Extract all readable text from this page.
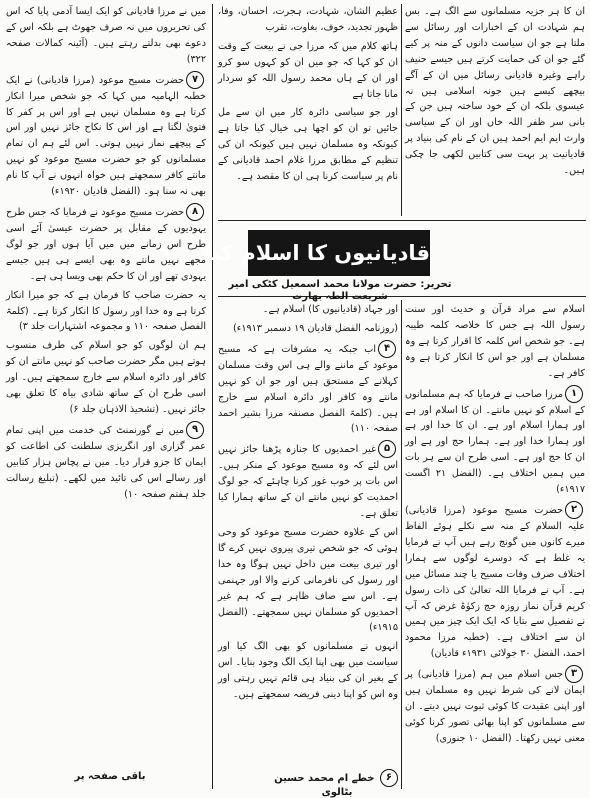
ان کا ہر جزیہ مسلمانوں سے الگ ہے۔ بس ہم شہادت ان کے اخبارات اور رسائل سے ملتا ہے جو ان سیاست دانوں کے منہ پر کیے گئے جو ان کی حمایت کرتے ہیں جیسے حنیف راہے وغیرہ قادیانی رسائل میں ان کے آگے بیچھے کیسے ہیں جونہ اسلامی ہیں نہ عیسوی بلکہ ان کے خود ساختہ ہیں جن کے بانی سر ظفر اللہ خاں اور ان کے سیاسی وارث ایم ایم احمد ہیں ان کے نام کی بنیاد پر قادیانیت پر بہت سی کتابیں لکھی جا چکی ہیں۔

عظیم الشان، شہادت، ہجرت، احسان، وفا، ظہور تجدید، خوف، بغاوت، تقرب

ہاتھ کلام میں کہ مرزا جی نے بیعت کے وقت ان کو کہا کہ جو میں ان کو کہوں سو کرو اور ان کے ہاں محمد رسول اللہ کو سردار مانا جاتا ہے

اور جو سیاسی دائرہ کار میں ان سے مل جائیں تو ان کو اچھا ہی خیال کیا جاتا ہے کیونکہ وہ مسلمان نہیں ہیں کیونکہ ان کی تنظیم کے مطابق مرزا غلام احمد قادیانی کے نام پر سیاست کرنا ہی ان کا مقصد ہے۔

قادیانیوں کا اسلام کیا ہے؟
تحریر: حضرت مولانا محمد اسمعیل کٹکی امیر شریعت الطہ بھارت

میں نے مرزا قادیانی کو ایک ایسا آدمی پایا کہ اس کی تحریروں میں نہ صرف جھوٹ ہے بلکہ اس کے دعوے بھی بدلتے رہتے ہیں۔ (آئینہ کمالات صفحہ ۳۲۲)

۷حضرت مسیح موعود (مرزا قادیانی) نے ایک خطبہ الہامیہ میں کہا کہ جو شخص میرا انکار کرتا ہے وہ مسلمان نہیں ہے اور اس پر کفر کا فتویٰ لگتا ہے اور اس کا نکاح جائز نہیں اور اس کے پیچھے نماز نہیں ہوتی۔ اس لئے ہم ان تمام مسلمانوں کو جو حضرت مسیح موعود کو نہیں مانتے کافر سمجھتے ہیں خواہ انہوں نے آپ کا نام بھی نہ سنا ہو۔ (الفضل قادیان ۱۹۲۰ء)

۸حضرت مسیح موعود نے فرمایا کہ جس طرح یہودیوں کے مقابل پر حضرت عیسیٰ آئے اسی طرح اس زمانے میں میں آیا ہوں اور جو لوگ مجھے نہیں مانتے وہ بھی ایسے ہی ہیں جیسے یہودی تھے اور ان کا حکم بھی ویسا ہی ہے۔

یہ حضرت صاحب کا فرمان ہے کہ جو میرا انکار کرتا ہے وہ خدا اور رسول کا انکار کرتا ہے۔ (کلمۃ الفصل صفحہ ۱۱۰ و مجموعہ اشتہارات جلد ۳)

ہم ان لوگوں کو جو اسلام کی طرف منسوب ہوتے ہیں مگر حضرت صاحب کو نہیں مانتے ان کو کافر اور دائرہ اسلام سے خارج سمجھتے ہیں۔ اور اسی طرح ان کے ساتھ شادی بیاہ کا تعلق بھی جائز نہیں۔ (تشحیذ الاذہان جلد ۶)

۹میں نے گورنمنٹ کی خدمت میں اپنی تمام عمر گزاری اور انگریزی سلطنت کی اطاعت کو ایمان کا جزو قرار دیا۔ میں نے پچاس ہزار کتابیں اور رسالے اس کی تائید میں لکھے۔ (تبلیغ رسالت جلد ہفتم صفحہ ۱۰)

باقی صفحہ پر

اور جہاد (قادیانیوں کا) اسلام ہے۔

(روزنامہ الفضل قادیان ۱۹ دسمبر ۱۹۱۳ء)

۴اب جبکہ یہ مشرفات ہے کہ مسیح موعود کے ماننے والے ہی اس وقت مسلمان کہلانے کے مستحق ہیں اور جو ان کو نہیں مانتے وہ کافر اور دائرہ اسلام سے خارج ہیں۔ (کلمۃ الفصل مصنفہ مرزا بشیر احمد صفحہ ۱۱۰)

۵غیر احمدیوں کا جنازہ پڑھنا جائز نہیں اس لئے کہ وہ مسیح موعود کے منکر ہیں۔ اس بات پر خوب غور کرنا چاہئے کہ جو لوگ احمدیت کو نہیں مانتے ان کے ساتھ ہمارا کیا تعلق ہے۔

اس کے علاوہ حضرت مسیح موعود کو وحی ہوئی کہ جو شخص تیری پیروی نہیں کرے گا اور تیری بیعت میں داخل نہیں ہوگا وہ خدا اور رسول کی نافرمانی کرنے والا اور جہنمی ہے۔ اس سے صاف ظاہر ہے کہ ہم غیر احمدیوں کو مسلمان نہیں سمجھتے۔ (الفضل ۱۹۱۵ء)

انہوں نے مسلمانوں کو بھی الگ کیا اور سیاست میں بھی اپنا ایک الگ وجود بنایا۔ اس کے بغیر ان کی بنیاد ہی قائم نہیں رہتی اور وہ اس کو اپنا دینی فریضہ سمجھتے ہیں۔

۶ خطے ام محمد حسین بٹالوی

اسلام سے مراد قرآن و حدیث اور سنت رسول اللہ ہے جس کا خلاصہ کلمہ طیبہ ہے۔ جو شخص اس کلمہ کا اقرار کرتا ہے وہ مسلمان ہے اور جو اس کا انکار کرتا ہے وہ کافر ہے۔

۱مرزا صاحب نے فرمایا کہ ہم مسلمانوں کے اسلام کو نہیں مانتے۔ ان کا اسلام اور ہے اور ہمارا اسلام اور ہے۔ ان کا خدا اور ہے اور ہمارا خدا اور ہے۔ ہمارا حج اور ہے اور ان کا حج اور ہے۔ اسی طرح ان سے ہر بات میں ہمیں اختلاف ہے۔ (الفضل ۲۱ اگست ۱۹۱۷ء)

۲حضرت مسیح موعود (مرزا قادیانی) علیہ السلام کے منہ سے نکلے ہوئے الفاظ میرے کانوں میں گونج رہے ہیں آپ نے فرمایا یہ غلط ہے کہ دوسرے لوگوں سے ہمارا اختلاف صرف وفات مسیح یا چند مسائل میں ہے۔ آپ نے فرمایا اللہ تعالیٰ کی ذات رسول کریم قرآن نماز روزہ حج زکوٰۃ غرض کہ آپ نے تفصیل سے بتایا کہ ایک ایک چیز میں ہمیں ان سے اختلاف ہے۔ (خطبہ مرزا محمود احمد، الفضل ۳۰ جولائی ۱۹۳۱ء قادیان)

۳جس اسلام میں ہم (مرزا قادیانی) پر ایمان لانے کی شرط نہیں وہ مسلمان ہیں اور اپنی عقیدت کا کوئی ثبوت نہیں دیتے۔ ان سے مسلمانوں کو اپنا بھائی تصور کرنا کوئی معنی نہیں رکھتا۔ (الفضل ۱۰ جنوری)
